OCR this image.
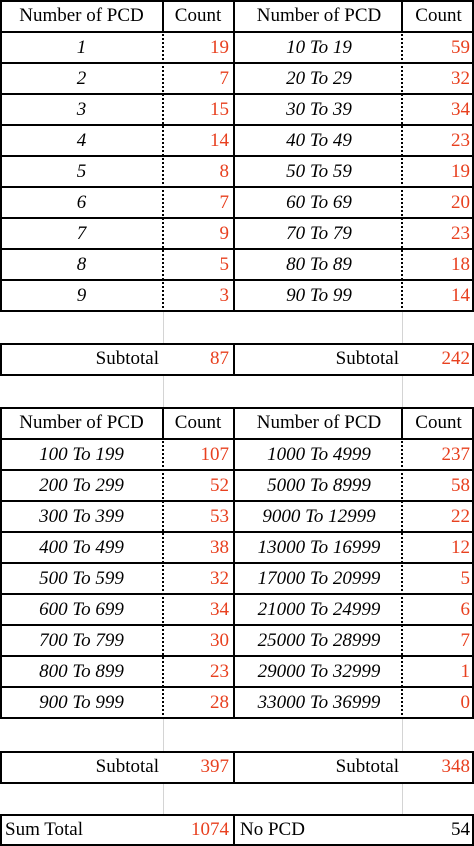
Number of PCD	Count	Number of PCD	Count
1	19	10 To 19	59
2	7	20 To 29	32
3	15	30 To 39	34
4	14	40 To 49	23
5	8	50 To 59	19
6	7	60 To 69	20
7	9	70 To 79	23
8	5	80 To 89	18
9	3	90 To 99	14
Subtotal	87	Subtotal	242
Number of PCD	Count	Number of PCD	Count
100 To 199	107	1000 To 4999	237
200 To 299	52	5000 To 8999	58
300 To 399	53	9000 To 12999	22
400 To 499	38	13000 To 16999	12
500 To 599	32	17000 To 20999	5
600 To 699	34	21000 To 24999	6
700 To 799	30	25000 To 28999	7
800 To 899	23	29000 To 32999	1
900 To 999	28	33000 To 36999	0
Subtotal	397	Subtotal	348
Sum Total	1074 No PCD	54
